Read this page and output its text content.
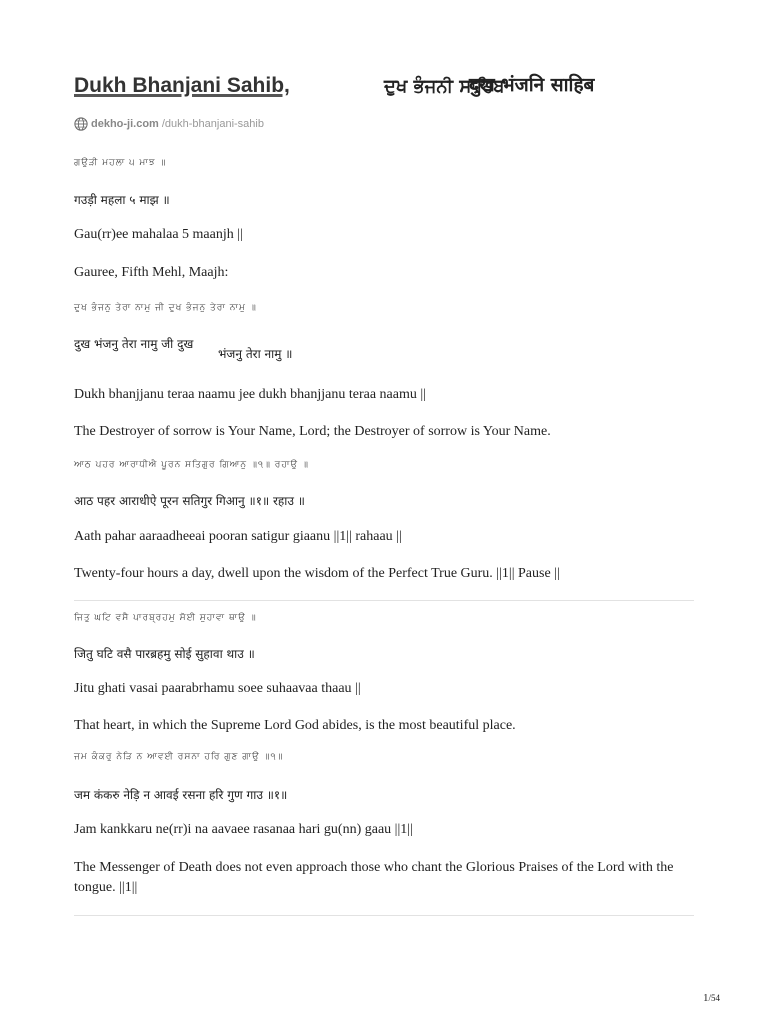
Dukh Bhanjani Sahib,	ਦੁਖ ਭੰਜਨੀ ਸਾਹਿਬ
दुख भंजनि साहिब
dekho-ji.com /dukh-bhanjani-sahib
ਗਉੜੀ ਮਹਲਾ ੫ ਮਾਝ ॥
गउड़ी महला ५ माझ ॥
Gau(rr)ee mahalaa 5 maanjh ||
Gauree, Fifth Mehl, Maajh:
ਦੁਖ ਭੰਜਨੁ ਤੇਰਾ ਨਾਮੁ ਜੀ ਦੁਖ ਭੰਜਨੁ ਤੇਰਾ ਨਾਮੁ ॥
दुख भंजनु तेरा नामु जी दुख
भंजनु तेरा नामु ॥
Dukh bhanjjanu teraa naamu jee dukh bhanjjanu teraa naamu ||
The Destroyer of sorrow is Your Name, Lord; the Destroyer of sorrow is Your Name.
ਆਠ ਪਹਰ ਆਰਾਧੀਐ ਪੂਰਨ ਸਤਿਗੁਰ ਗਿਆਨੁ ॥੧॥ ਰਹਾਉ ॥
आठ पहर आराधीऐ पूरन सतिगुर गिआनु ॥१॥ रहाउ ॥
Aath pahar aaraadheeai pooran satigur giaanu ||1|| rahaau ||
Twenty-four hours a day, dwell upon the wisdom of the Perfect True Guru. ||1|| Pause ||
ਜਿਤੁ ਘਟਿ ਵਸੈ ਪਾਰਬ੍ਰਹਮੁ ਸੋਈ ਸੁਹਾਵਾ ਥਾਉ ॥
जितु घटि वसै पारब्रहमु सोई सुहावा थाउ ॥
Jitu ghati vasai paarabrhamu soee suhaavaa thaau ||
That heart, in which the Supreme Lord God abides, is the most beautiful place.
ਜਮ ਕੰਕਰੁ ਨੇੜਿ ਨ ਆਵਈ ਰਸਨਾ ਹਰਿ ਗੁਣ ਗਾਉ ॥੧॥
जम कंकरु नेड़ि न आवई रसना हरि गुण गाउ ॥१॥
Jam kankkaru ne(rr)i na aavaee rasanaa hari gu(nn) gaau ||1||
The Messenger of Death does not even approach those who chant the Glorious Praises of the Lord with the tongue. ||1||
1/54
